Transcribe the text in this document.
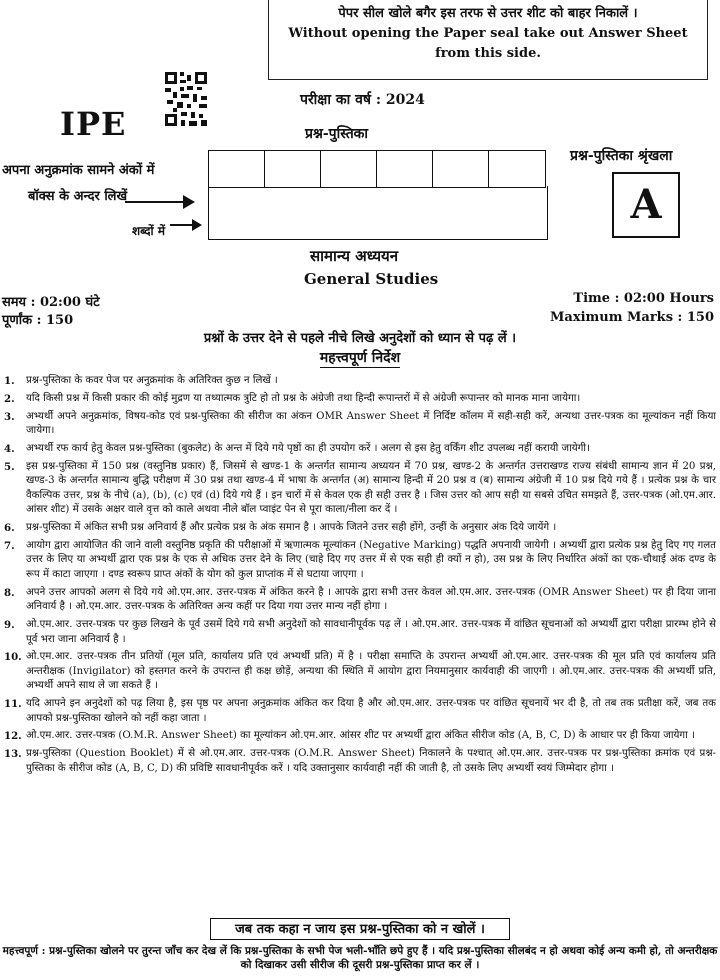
पेपर सील खोले बगैर इस तरफ से उत्तर शीट को बाहर निकालें ।
Without opening the Paper seal take out Answer Sheet
from this side.
IPE
परीक्षा का वर्ष : 2024
प्रश्न-पुस्तिका
प्रश्न-पुस्तिका श्रृंखला
A
अपना अनुक्रमांक सामने अंकों में
बॉक्स के अन्दर लिखें
शब्दों में
सामान्य अध्ययन
General Studies
समय : 02:00 घंटे
पूर्णांक : 150
Time : 02:00 Hours
Maximum Marks : 150
प्रश्नों के उत्तर देने से पहले नीचे लिखे अनुदेशों को ध्यान से पढ़ लें ।
महत्त्वपूर्ण निर्देश
1.	प्रश्न-पुस्तिका के कवर पेज पर अनुक्रमांक के अतिरिक्त कुछ न लिखें ।
2.	यदि किसी प्रश्न में किसी प्रकार की कोई मुद्रण या तथ्यात्मक त्रुटि हो तो प्रश्न के अंग्रेजी तथा हिन्दी रूपान्तरों में से अंग्रेजी रूपान्तर को मानक माना जायेगा।
3.	अभ्यर्थी अपने अनुक्रमांक, विषय-कोड एवं प्रश्न-पुस्तिका की सीरीज का अंकन OMR Answer Sheet में निर्दिष्ट कॉलम में सही-सही करें, अन्यथा उत्तर-पत्रक का मूल्यांकन नहीं किया जायेगा।
4.	अभ्यर्थी रफ कार्य हेतु केवल प्रश्न-पुस्तिका (बुकलेट) के अन्त में दिये गये पृष्ठों का ही उपयोग करें । अलग से इस हेतु वर्किंग शीट उपलब्ध नहीं करायी जायेगी।
5.	इस प्रश्न-पुस्तिका में 150 प्रश्न (वस्तुनिष्ठ प्रकार) हैं, जिसमें से खण्ड-1 के अन्तर्गत सामान्य अध्ययन में 70 प्रश्न, खण्ड-2 के अन्तर्गत उत्तराखण्ड राज्य संबंधी सामान्य ज्ञान में 20 प्रश्न, खण्ड-3 के अन्तर्गत सामान्य बुद्धि परीक्षण में 30 प्रश्न तथा खण्ड-4 में भाषा के अन्तर्गत (अ) सामान्य हिन्दी में 20 प्रश्न व (ब) सामान्य अंग्रेजी में 10 प्रश्न दिये गये हैं । प्रत्येक प्रश्न के चार वैकल्पिक उत्तर, प्रश्न के नीचे (a), (b), (c) एवं (d) दिये गये हैं । इन चारों में से केवल एक ही सही उत्तर है । जिस उत्तर को आप सही या सबसे उचित समझते हैं, उत्तर-पत्रक (ओ.एम.आर. आंसर शीट) में उसके अक्षर वाले वृत्त को काले अथवा नीले बॉल प्वाइंट पेन से पूरा काला/नीला कर दें ।
6.	प्रश्न-पुस्तिका में अंकित सभी प्रश्न अनिवार्य हैं और प्रत्येक प्रश्न के अंक समान है । आपके जितने उत्तर सही होंगे, उन्हीं के अनुसार अंक दिये जायेंगे ।
7.	आयोग द्वारा आयोजित की जाने वाली वस्तुनिष्ठ प्रकृति की परीक्षाओं में ऋणात्मक मूल्यांकन (Negative Marking) पद्धति अपनायी जायेगी । अभ्यर्थी द्वारा प्रत्येक प्रश्न हेतु दिए गए गलत उत्तर के लिए या अभ्यर्थी द्वारा एक प्रश्न के एक से अधिक उत्तर देने के लिए (चाहे दिए गए उत्तर में से एक सही ही क्यों न हो), उस प्रश्न के लिए निर्धारित अंकों का एक-चौथाई अंक दण्ड के रूप में काटा जाएगा । दण्ड स्वरूप प्राप्त अंकों के योग को कुल प्राप्तांक में से घटाया जाएगा ।
8.	अपने उत्तर आपको अलग से दिये गये ओ.एम.आर. उत्तर-पत्रक में अंकित करने है । आपके द्वारा सभी उत्तर केवल ओ.एम.आर. उत्तर-पत्रक (OMR Answer Sheet) पर ही दिया जाना अनिवार्य है । ओ.एम.आर. उत्तर-पत्रक के अतिरिक्त अन्य कहीं पर दिया गया उत्तर मान्य नहीं होगा ।
9.	ओ.एम.आर. उत्तर-पत्रक पर कुछ लिखने के पूर्व उसमें दिये गये सभी अनुदेशों को सावधानीपूर्वक पढ़ लें । ओ.एम.आर. उत्तर-पत्रक में वांछित सूचनाओं को अभ्यर्थी द्वारा परीक्षा प्रारम्भ होने से पूर्व भरा जाना अनिवार्य है ।
10. ओ.एम.आर. उत्तर-पत्रक तीन प्रतियों (मूल प्रति, कार्यालय प्रति एवं अभ्यर्थी प्रति) में है । परीक्षा समाप्ति के उपरान्त अभ्यर्थी ओ.एम.आर. उत्तर-पत्रक की मूल प्रति एवं कार्यालय प्रति अन्तरीक्षक (Invigilator) को हस्तगत करने के उपरान्त ही कक्ष छोड़ें, अन्यथा की स्थिति में आयोग द्वारा नियमानुसार कार्यवाही की जाएगी । ओ.एम.आर. उत्तर-पत्रक की अभ्यर्थी प्रति, अभ्यर्थी अपने साथ ले जा सकते हैं ।
11. यदि आपने इन अनुदेशों को पढ़ लिया है, इस पृष्ठ पर अपना अनुक्रमांक अंकित कर दिया है और ओ.एम.आर. उत्तर-पत्रक पर वांछित सूचनायें भर दी है, तो तब तक प्रतीक्षा करें, जब तक आपको प्रश्न-पुस्तिका खोलने को नहीं कहा जाता ।
12. ओ.एम.आर. उत्तर-पत्रक (O.M.R. Answer Sheet) का मूल्यांकन ओ.एम.आर. आंसर शीट पर अभ्यर्थी द्वारा अंकित सीरीज कोड (A, B, C, D) के आधार पर ही किया जायेगा ।
13. प्रश्न-पुस्तिका (Question Booklet) में से ओ.एम.आर. उत्तर-पत्रक (O.M.R. Answer Sheet) निकालने के पश्चात् ओ.एम.आर. उत्तर-पत्रक पर प्रश्न-पुस्तिका क्रमांक एवं प्रश्न-पुस्तिका के सीरीज कोड (A, B, C, D) की प्रविष्टि सावधानीपूर्वक करें । यदि उक्तानुसार कार्यवाही नहीं की जाती है, तो उसके लिए अभ्यर्थी स्वयं जिम्मेदार होगा ।
जब तक कहा न जाय इस प्रश्न-पुस्तिका को न खोलें ।
महत्त्वपूर्ण : प्रश्न-पुस्तिका खोलने पर तुरन्त जाँच कर देख लें कि प्रश्न-पुस्तिका के सभी पेज भली-भाँति छपे हुए हैं । यदि प्रश्न-पुस्तिका सीलबंद न हो अथवा कोई अन्य कमी हो, तो अन्तरीक्षक को दिखाकर उसी सीरीज की दूसरी प्रश्न-पुस्तिका प्राप्त कर लें ।
